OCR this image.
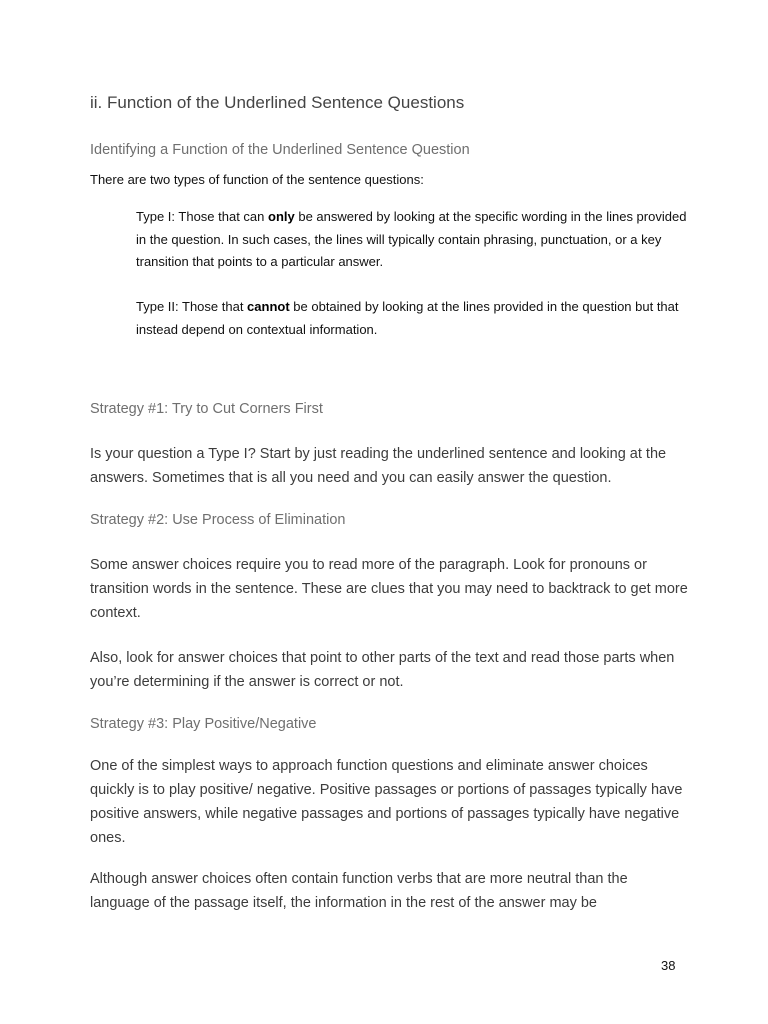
ii. Function of the Underlined Sentence Questions
Identifying a Function of the Underlined Sentence Question

There are two types of function of the sentence questions:

Type I: Those that can only be answered by looking at the specific wording in the lines provided in the question. In such cases, the lines will typically contain phrasing, punctuation, or a key transition that points to a particular answer.

Type II: Those that cannot be obtained by looking at the lines provided in the question but that instead depend on contextual information.

Strategy #1: Try to Cut Corners First

Is your question a Type I? Start by just reading the underlined sentence and looking at the answers. Sometimes that is all you need and you can easily answer the question.

Strategy #2: Use Process of Elimination

Some answer choices require you to read more of the paragraph. Look for pronouns or transition words in the sentence. These are clues that you may need to backtrack to get more context.

Also, look for answer choices that point to other parts of the text and read those parts when you’re determining if the answer is correct or not.

Strategy #3: Play Positive/Negative

One of the simplest ways to approach function questions and eliminate answer choices quickly is to play positive/ negative. Positive passages or portions of passages typically have positive answers, while negative passages and portions of passages typically have negative ones.

Although answer choices often contain function verbs that are more neutral than the language of the passage itself, the information in the rest of the answer may be

38
